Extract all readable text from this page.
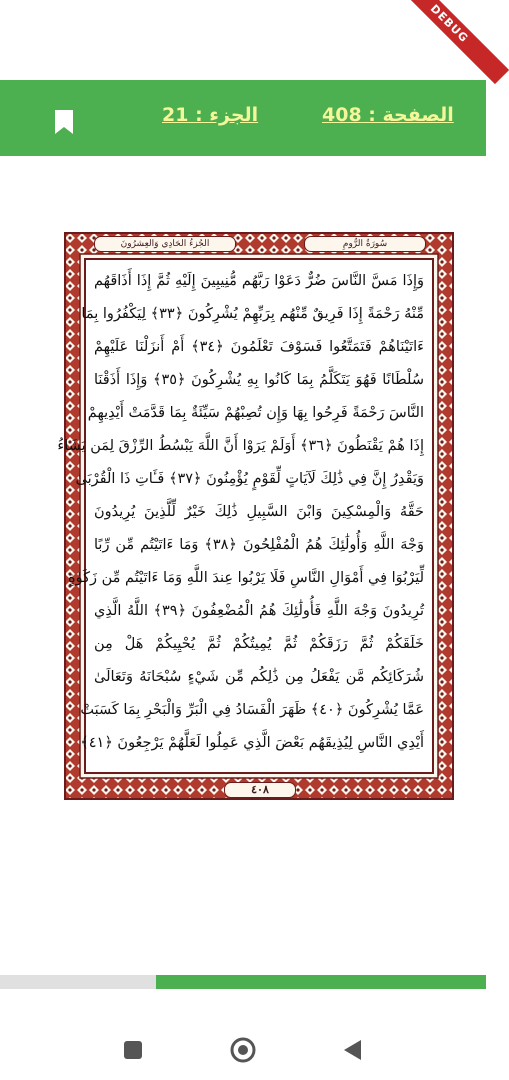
DEBUG
الجزء : 21	الصفحة : 408
سُورَةُ الرُّومِ
الجُزءُ الحَادِي وَالعِشرُونَ
وَإِذَا مَسَّ النَّاسَ ضُرٌّ دَعَوْا رَبَّهُم مُّنِيبِينَ إِلَيْهِ ثُمَّ إِذَا أَذَاقَهُم
مِّنْهُ رَحْمَةً إِذَا فَرِيقٌ مِّنْهُم بِرَبِّهِمْ يُشْرِكُونَ ﴿٣٣﴾ لِيَكْفُرُوا بِمَا
ءَاتَيْنَاهُمْ فَتَمَتَّعُوا فَسَوْفَ تَعْلَمُونَ ﴿٣٤﴾ أَمْ أَنزَلْنَا عَلَيْهِمْ
سُلْطَانًا فَهُوَ يَتَكَلَّمُ بِمَا كَانُوا بِهِ يُشْرِكُونَ ﴿٣٥﴾ وَإِذَا أَذَقْنَا
النَّاسَ رَحْمَةً فَرِحُوا بِهَا وَإِن تُصِبْهُمْ سَيِّئَةٌ بِمَا قَدَّمَتْ أَيْدِيهِمْ
إِذَا هُمْ يَقْنَطُونَ ﴿٣٦﴾ أَوَلَمْ يَرَوْا أَنَّ اللَّهَ يَبْسُطُ الرِّزْقَ لِمَن يَشَاءُ
وَيَقْدِرُ إِنَّ فِي ذَٰلِكَ لَآيَاتٍ لِّقَوْمٍ يُؤْمِنُونَ ﴿٣٧﴾ فَـَٔاتِ ذَا الْقُرْبَىٰ
حَقَّهُ وَالْمِسْكِينَ وَابْنَ السَّبِيلِ ذَٰلِكَ خَيْرٌ لِّلَّذِينَ يُرِيدُونَ
وَجْهَ اللَّهِ وَأُولَٰئِكَ هُمُ الْمُفْلِحُونَ ﴿٣٨﴾ وَمَا ءَاتَيْتُم مِّن رِّبًا
لِّيَرْبُوَا فِي أَمْوَالِ النَّاسِ فَلَا يَرْبُوا عِندَ اللَّهِ وَمَا ءَاتَيْتُم مِّن زَكَوٰةٍ
تُرِيدُونَ وَجْهَ اللَّهِ فَأُولَٰئِكَ هُمُ الْمُضْعِفُونَ ﴿٣٩﴾ اللَّهُ الَّذِي
خَلَقَكُمْ ثُمَّ رَزَقَكُمْ ثُمَّ يُمِيتُكُمْ ثُمَّ يُحْيِيكُمْ هَلْ مِن
شُرَكَائِكُم مَّن يَفْعَلُ مِن ذَٰلِكُم مِّن شَيْءٍ سُبْحَانَهُ وَتَعَالَىٰ
عَمَّا يُشْرِكُونَ ﴿٤٠﴾ ظَهَرَ الْفَسَادُ فِي الْبَرِّ وَالْبَحْرِ بِمَا كَسَبَتْ
أَيْدِي النَّاسِ لِيُذِيقَهُم بَعْضَ الَّذِي عَمِلُوا لَعَلَّهُمْ يَرْجِعُونَ ﴿٤١﴾
٤٠٨
